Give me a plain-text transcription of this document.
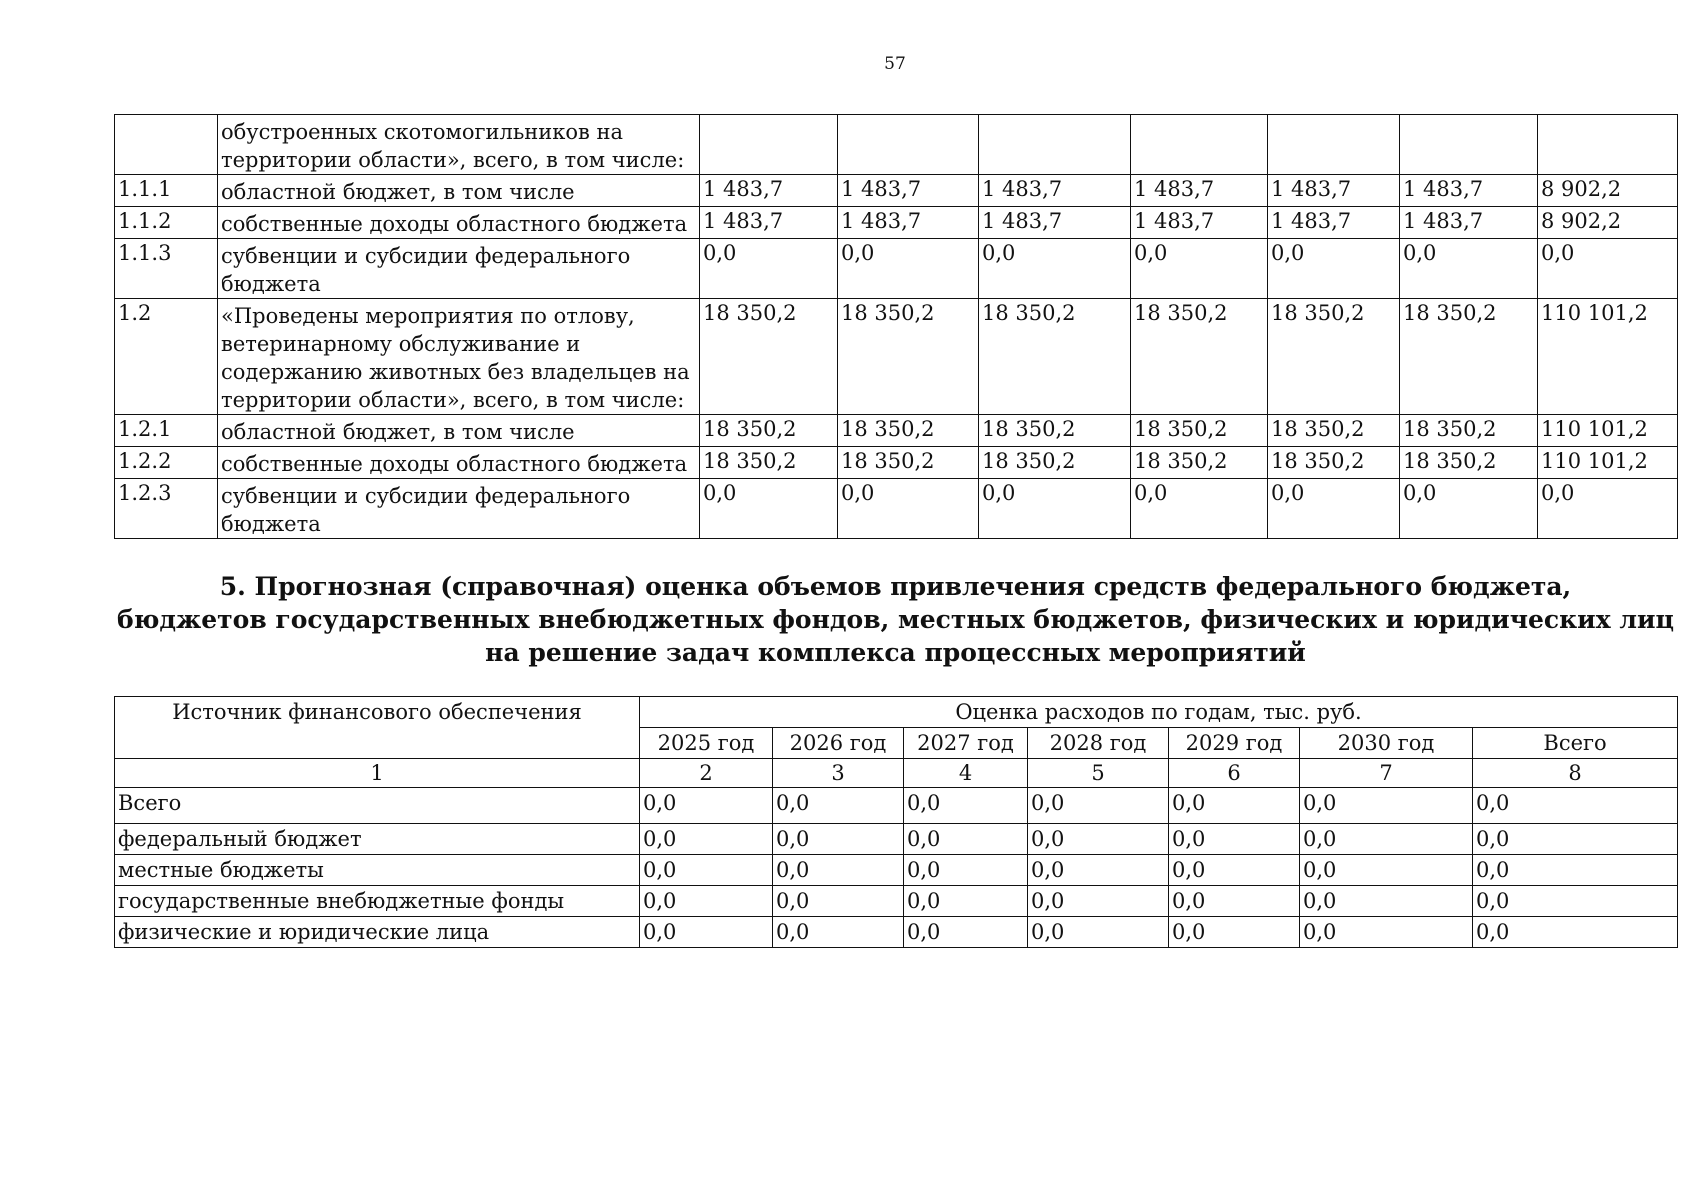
57
	обустроенных скотомогильников на территории области», всего, в том числе:							
1.1.1	областной бюджет, в том числе	1 483,7	1 483,7	1 483,7	1 483,7	1 483,7	1 483,7	8 902,2
1.1.2	собственные доходы областного бюджета	1 483,7	1 483,7	1 483,7	1 483,7	1 483,7	1 483,7	8 902,2
1.1.3	субвенции и субсидии федерального бюджета	0,0	0,0	0,0	0,0	0,0	0,0	0,0
1.2	«Проведены мероприятия по отлову, ветеринарному обслуживание и содержанию животных без владельцев на территории области», всего, в том числе:	18 350,2	18 350,2	18 350,2	18 350,2	18 350,2	18 350,2	110 101,2
1.2.1	областной бюджет, в том числе	18 350,2	18 350,2	18 350,2	18 350,2	18 350,2	18 350,2	110 101,2
1.2.2	собственные доходы областного бюджета	18 350,2	18 350,2	18 350,2	18 350,2	18 350,2	18 350,2	110 101,2
1.2.3	субвенции и субсидии федерального бюджета	0,0	0,0	0,0	0,0	0,0	0,0	0,0
5. Прогнозная (справочная) оценка объемов привлечения средств федерального бюджета,
бюджетов государственных внебюджетных фондов, местных бюджетов, физических и юридических лиц
на решение задач комплекса процессных мероприятий
Источник финансового обеспечения	Оценка расходов по годам, тыс. руб.						
	2025 год	2026 год	2027 год	2028 год	2029 год	2030 год	Всего
1	2	3	4	5	6	7	8
Всего	0,0	0,0	0,0	0,0	0,0	0,0	0,0
федеральный бюджет	0,0	0,0	0,0	0,0	0,0	0,0	0,0
местные бюджеты	0,0	0,0	0,0	0,0	0,0	0,0	0,0
государственные внебюджетные фонды	0,0	0,0	0,0	0,0	0,0	0,0	0,0
физические и юридические лица	0,0	0,0	0,0	0,0	0,0	0,0	0,0
